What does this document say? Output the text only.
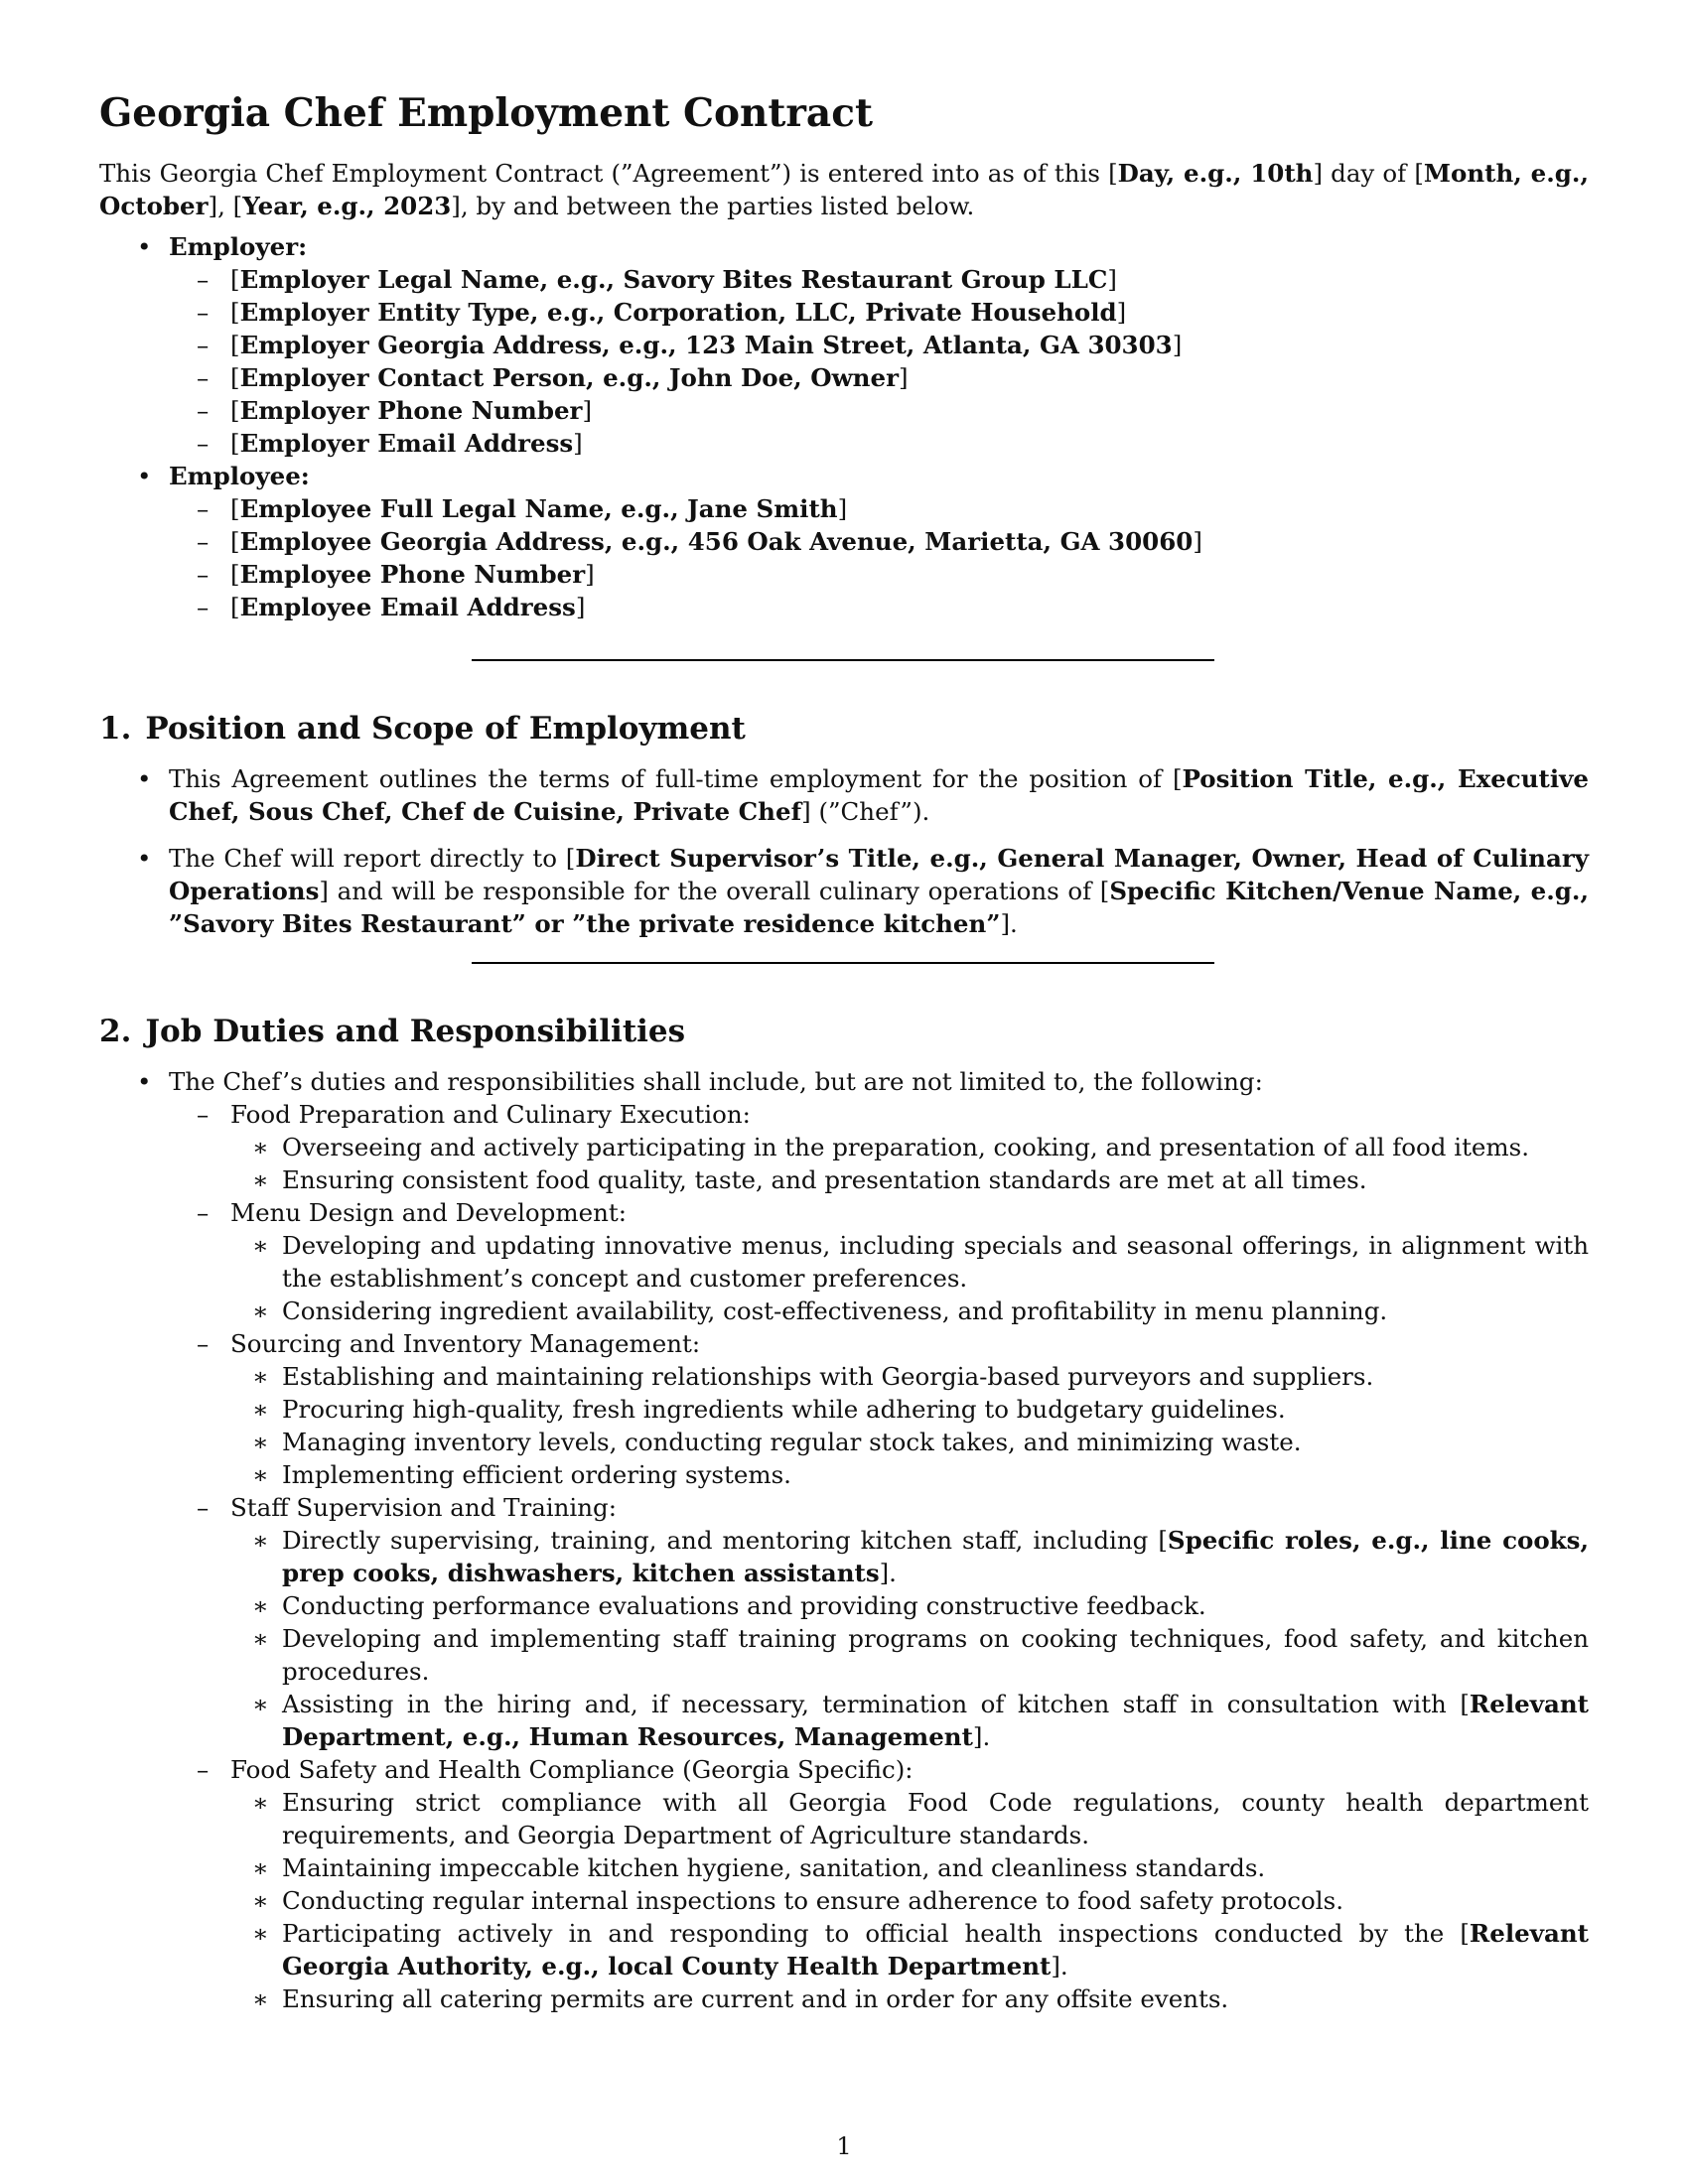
Georgia Chef Employment Contract

This Georgia Chef Employment Contract (”Agreement”) is entered into as of this [Day, e.g., 10th] day of [Month, e.g., October], [Year, e.g., 2023], by and between the parties listed below.

• Employer:
– [Employer Legal Name, e.g., Savory Bites Restaurant Group LLC]
– [Employer Entity Type, e.g., Corporation, LLC, Private Household]
– [Employer Georgia Address, e.g., 123 Main Street, Atlanta, GA 30303]
– [Employer Contact Person, e.g., John Doe, Owner]
– [Employer Phone Number]
– [Employer Email Address]
• Employee:
– [Employee Full Legal Name, e.g., Jane Smith]
– [Employee Georgia Address, e.g., 456 Oak Avenue, Marietta, GA 30060]
– [Employee Phone Number]
– [Employee Email Address]
1. Position and Scope of Employment
• This Agreement outlines the terms of full-time employment for the position of [Position Title, e.g., Executive Chef, Sous Chef, Chef de Cuisine, Private Chef] (”Chef”).
• The Chef will report directly to [Direct Supervisor’s Title, e.g., General Manager, Owner, Head of Culinary Operations] and will be responsible for the overall culinary operations of [Specific Kitchen/Venue Name, e.g., ”Savory Bites Restaurant” or ”the private residence kitchen”].
2. Job Duties and Responsibilities
• The Chef’s duties and responsibilities shall include, but are not limited to, the following:
– Food Preparation and Culinary Execution:
∗ Overseeing and actively participating in the preparation, cooking, and presentation of all food items.
∗ Ensuring consistent food quality, taste, and presentation standards are met at all times.
– Menu Design and Development:
∗ Developing and updating innovative menus, including specials and seasonal offerings, in alignment with the establishment’s concept and customer preferences.
∗ Considering ingredient availability, cost-effectiveness, and profitability in menu planning.
– Sourcing and Inventory Management:
∗ Establishing and maintaining relationships with Georgia-based purveyors and suppliers.
∗ Procuring high-quality, fresh ingredients while adhering to budgetary guidelines.
∗ Managing inventory levels, conducting regular stock takes, and minimizing waste.
∗ Implementing efficient ordering systems.
– Staff Supervision and Training:
∗ Directly supervising, training, and mentoring kitchen staff, including [Specific roles, e.g., line cooks, prep cooks, dishwashers, kitchen assistants].
∗ Conducting performance evaluations and providing constructive feedback.
∗ Developing and implementing staff training programs on cooking techniques, food safety, and kitchen procedures.
∗ Assisting in the hiring and, if necessary, termination of kitchen staff in consultation with [Relevant Department, e.g., Human Resources, Management].
– Food Safety and Health Compliance (Georgia Specific):
∗ Ensuring strict compliance with all Georgia Food Code regulations, county health department requirements, and Georgia Department of Agriculture standards.
∗ Maintaining impeccable kitchen hygiene, sanitation, and cleanliness standards.
∗ Conducting regular internal inspections to ensure adherence to food safety protocols.
∗ Participating actively in and responding to official health inspections conducted by the [Relevant Georgia Authority, e.g., local County Health Department].
∗ Ensuring all catering permits are current and in order for any offsite events.
1
